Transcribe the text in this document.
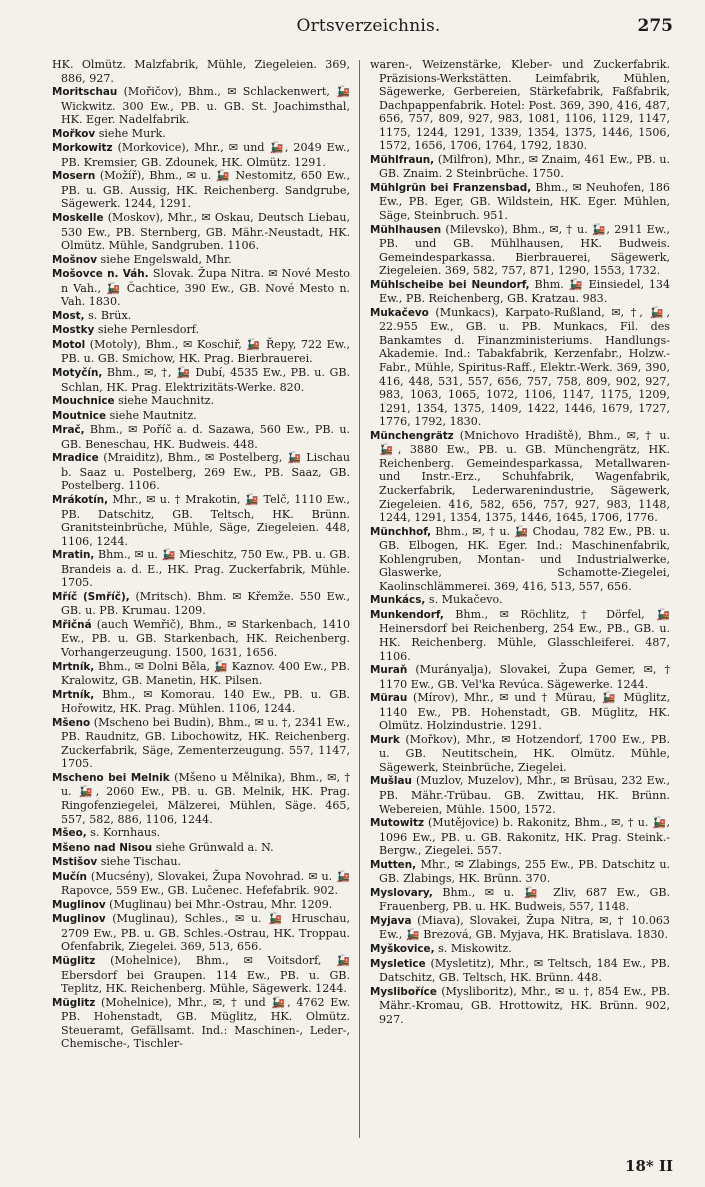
Ortsverzeichnis.	275
HK. Olmütz. Malzfabrik, Mühle, Ziegeleien. 369, 886, 927.
Moritschau (Mořičov), Bhm., ✉ Schlackenwert, 🚂 Wickwitz. 300 Ew., PB. u. GB. St. Joachimsthal, HK. Eger. Nadelfabrik.
Mořkov siehe Murk.
Morkowitz (Morkovice), Mhr., ✉ und 🚂, 2049 Ew., PB. Kremsier, GB. Zdounek, HK. Olmütz. 1291.
Mosern (Možíř), Bhm., ✉ u. 🚂 Nestomitz, 650 Ew., PB. u. GB. Aussig, HK. Reichenberg. Sandgrube, Sägewerk. 1244, 1291.
Moskelle (Moskov), Mhr., ✉ Oskau, Deutsch Liebau, 530 Ew., PB. Sternberg, GB. Mähr.-Neustadt, HK. Olmütz. Mühle, Sandgruben. 1106.
Mošnov siehe Engelswald, Mhr.
Mošovce n. Váh. Slovak. Župa Nitra. ✉ Nové Mesto n Vah., 🚂 Čachtice, 390 Ew., GB. Nové Mesto n. Vah. 1830.
Most, s. Brüx.
Mostky siehe Pernlesdorf.
Motol (Motoly), Bhm., ✉ Koschiř, 🚂 Řepy, 722 Ew., PB. u. GB. Smichow, HK. Prag. Bierbrauerei.
Motyčín, Bhm., ✉, †, 🚂 Dubí, 4535 Ew., PB. u. GB. Schlan, HK. Prag. Elektrizitäts-Werke. 820.
Mouchnice siehe Mauchnitz.
Moutnice siehe Mautnitz.
Mrač, Bhm., ✉ Poříč a. d. Sazawa, 560 Ew., PB. u. GB. Beneschau, HK. Budweis. 448.
Mradice (Mraiditz), Bhm., ✉ Postelberg, 🚂 Lischau b. Saaz u. Postelberg, 269 Ew., PB. Saaz, GB. Postelberg. 1106.
Mrákotín, Mhr., ✉ u. † Mrakotin, 🚂 Telč, 1110 Ew., PB. Datschitz, GB. Teltsch, HK. Brünn. Granitsteinbrüche, Mühle, Säge, Ziegeleien. 448, 1106, 1244.
Mratin, Bhm., ✉ u. 🚂 Mieschitz, 750 Ew., PB. u. GB. Brandeis a. d. E., HK. Prag. Zuckerfabrik, Mühle. 1705.
Mříč (Smříč), (Mritsch). Bhm. ✉ Křemže. 550 Ew., GB. u. PB. Krumau. 1209.
Mřičná (auch Wemřič), Bhm., ✉ Starkenbach, 1410 Ew., PB. u. GB. Starkenbach, HK. Reichenberg. Vorhangerzeugung. 1500, 1631, 1656.
Mrtník, Bhm., ✉ Dolni Běla, 🚂 Kaznov. 400 Ew., PB. Kralowitz, GB. Manetin, HK. Pilsen.
Mrtník, Bhm., ✉ Komorau. 140 Ew., PB. u. GB. Hořowitz, HK. Prag. Mühlen. 1106, 1244.
Mšeno (Mscheno bei Budin), Bhm., ✉ u. †, 2341 Ew., PB. Raudnitz, GB. Libochowitz, HK. Reichenberg. Zuckerfabrik, Säge, Zementerzeugung. 557, 1147, 1705.
Mscheno bei Melnik (Mšeno u Mělnika), Bhm., ✉, † u. 🚂, 2060 Ew., PB. u. GB. Melnik, HK. Prag. Ringofenziegelei, Mälzerei, Mühlen, Säge. 465, 557, 582, 886, 1106, 1244.
Mšeo, s. Kornhaus.
Mšeno nad Nisou siehe Grünwald a. N.
Mstišov siehe Tischau.
Mučín (Mucsény), Slovakei, Župa Novohrad. ✉ u. 🚂 Rapovce, 559 Ew., GB. Lučenec. Hefefabrik. 902.
Muglinov (Muglinau) bei Mhr.-Ostrau, Mhr. 1209.
Muglinov (Muglinau), Schles., ✉ u. 🚂 Hruschau, 2709 Ew., PB. u. GB. Schles.-Ostrau, HK. Troppau. Ofenfabrik, Ziegelei. 369, 513, 656.
Müglitz (Mohelnice), Bhm., ✉ Voitsdorf, 🚂 Ebersdorf bei Graupen. 114 Ew., PB. u. GB. Teplitz, HK. Reichenberg. Mühle, Sägewerk. 1244.
Müglitz (Mohelnice), Mhr., ✉, † und 🚂, 4762 Ew. PB. Hohenstadt, GB. Müglitz, HK. Olmütz. Steueramt, Gefällsamt. Ind.: Maschinen-, Leder-, Chemische-, Tischler-
waren-, Weizenstärke, Kleber- und Zuckerfabrik. Präzisions-Werkstätten. Leimfabrik, Mühlen, Sägewerke, Gerbereien, Stärkefabrik, Faßfabrik, Dachpappenfabrik. Hotel: Post. 369, 390, 416, 487, 656, 757, 809, 927, 983, 1081, 1106, 1129, 1147, 1175, 1244, 1291, 1339, 1354, 1375, 1446, 1506, 1572, 1656, 1706, 1764, 1792, 1830.
Mühlfraun, (Milfron), Mhr., ✉ Znaim, 461 Ew., PB. u. GB. Znaim. 2 Steinbrüche. 1750.
Mühlgrün bei Franzensbad, Bhm., ✉ Neuhofen, 186 Ew., PB. Eger, GB. Wildstein, HK. Eger. Mühlen, Säge, Steinbruch. 951.
Mühlhausen (Milevsko), Bhm., ✉, † u. 🚂, 2911 Ew., PB. und GB. Mühlhausen, HK. Budweis. Gemeindesparkassa. Bierbrauerei, Sägewerk, Ziegeleien. 369, 582, 757, 871, 1290, 1553, 1732.
Mühlscheibe bei Neundorf, Bhm. 🚂 Einsiedel, 134 Ew., PB. Reichenberg, GB. Kratzau. 983.
Mukačevo (Munkacs), Karpato-Rußland, ✉, †, 🚂, 22.955 Ew., GB. u. PB. Munkacs, Fil. des Bankamtes d. Finanzministeriums. Handlungs-Akademie. Ind.: Tabakfabrik, Kerzenfabr., Holzw.-Fabr., Mühle, Spiritus-Raff., Elektr.-Werk. 369, 390, 416, 448, 531, 557, 656, 757, 758, 809, 902, 927, 983, 1063, 1065, 1072, 1106, 1147, 1175, 1209, 1291, 1354, 1375, 1409, 1422, 1446, 1679, 1727, 1776, 1792, 1830.
Münchengrätz (Mnichovo Hradiště), Bhm., ✉, † u. 🚂, 3880 Ew., PB. u. GB. Münchengrätz, HK. Reichenberg. Gemeindesparkassa, Metallwaren- und Instr.-Erz., Schuhfabrik, Wagenfabrik, Zuckerfabrik, Lederwarenindustrie, Sägewerk, Ziegeleien. 416, 582, 656, 757, 927, 983, 1148, 1244, 1291, 1354, 1375, 1446, 1645, 1706, 1776.
Münchhof, Bhm., ✉, † u. 🚂 Chodau, 782 Ew., PB. u. GB. Elbogen, HK. Eger. Ind.: Maschinenfabrik, Kohlengruben, Montan- und Industrialwerke, Glaswerke, Schamotte-Ziegelei, Kaolinschlämmerei. 369, 416, 513, 557, 656.
Munkács, s. Mukačevo.
Munkendorf, Bhm., ✉ Röchlitz, † Dörfel, 🚂 Heinersdorf bei Reichenberg, 254 Ew., PB., GB. u. HK. Reichenberg. Mühle, Glasschleiferei. 487, 1106.
Muraň (Murányalja), Slovakei, Župa Gemer, ✉, † 1170 Ew., GB. Vel'ka Revúca. Sägewerke. 1244.
Mürau (Mírov), Mhr., ✉ und † Mürau, 🚂 Müglitz, 1140 Ew., PB. Hohenstadt, GB. Müglitz, HK. Olmütz. Holzindustrie. 1291.
Murk (Mořkov), Mhr., ✉ Hotzendorf, 1700 Ew., PB. u. GB. Neutitschein, HK. Olmütz. Mühle, Sägewerk, Steinbrüche, Ziegelei.
Mušlau (Muzlov, Muzelov), Mhr., ✉ Brüsau, 232 Ew., PB. Mähr.-Trübau. GB. Zwittau, HK. Brünn. Webereien, Mühle. 1500, 1572.
Mutowitz (Mutějovice) b. Rakonitz, Bhm., ✉, † u. 🚂, 1096 Ew., PB. u. GB. Rakonitz, HK. Prag. Steink.-Bergw., Ziegelei. 557.
Mutten, Mhr., ✉ Zlabings, 255 Ew., PB. Datschitz u. GB. Zlabings, HK. Brünn. 370.
Myslovary, Bhm., ✉ u. 🚂 Zliv, 687 Ew., GB. Frauenberg, PB. u. HK. Budweis, 557, 1148.
Myjava (Miava), Slovakei, Župa Nitra, ✉, † 10.063 Ew., 🚂 Brezová, GB. Myjava, HK. Bratislava. 1830.
Myškovice, s. Miskowitz.
Mysletice (Mysletitz), Mhr., ✉ Teltsch, 184 Ew., PB. Datschitz, GB. Teltsch, HK. Brünn. 448.
Mysliboříce (Mysliboritz), Mhr., ✉ u. †, 854 Ew., PB. Mähr.-Kromau, GB. Hrottowitz, HK. Brünn. 902, 927.
18* II
